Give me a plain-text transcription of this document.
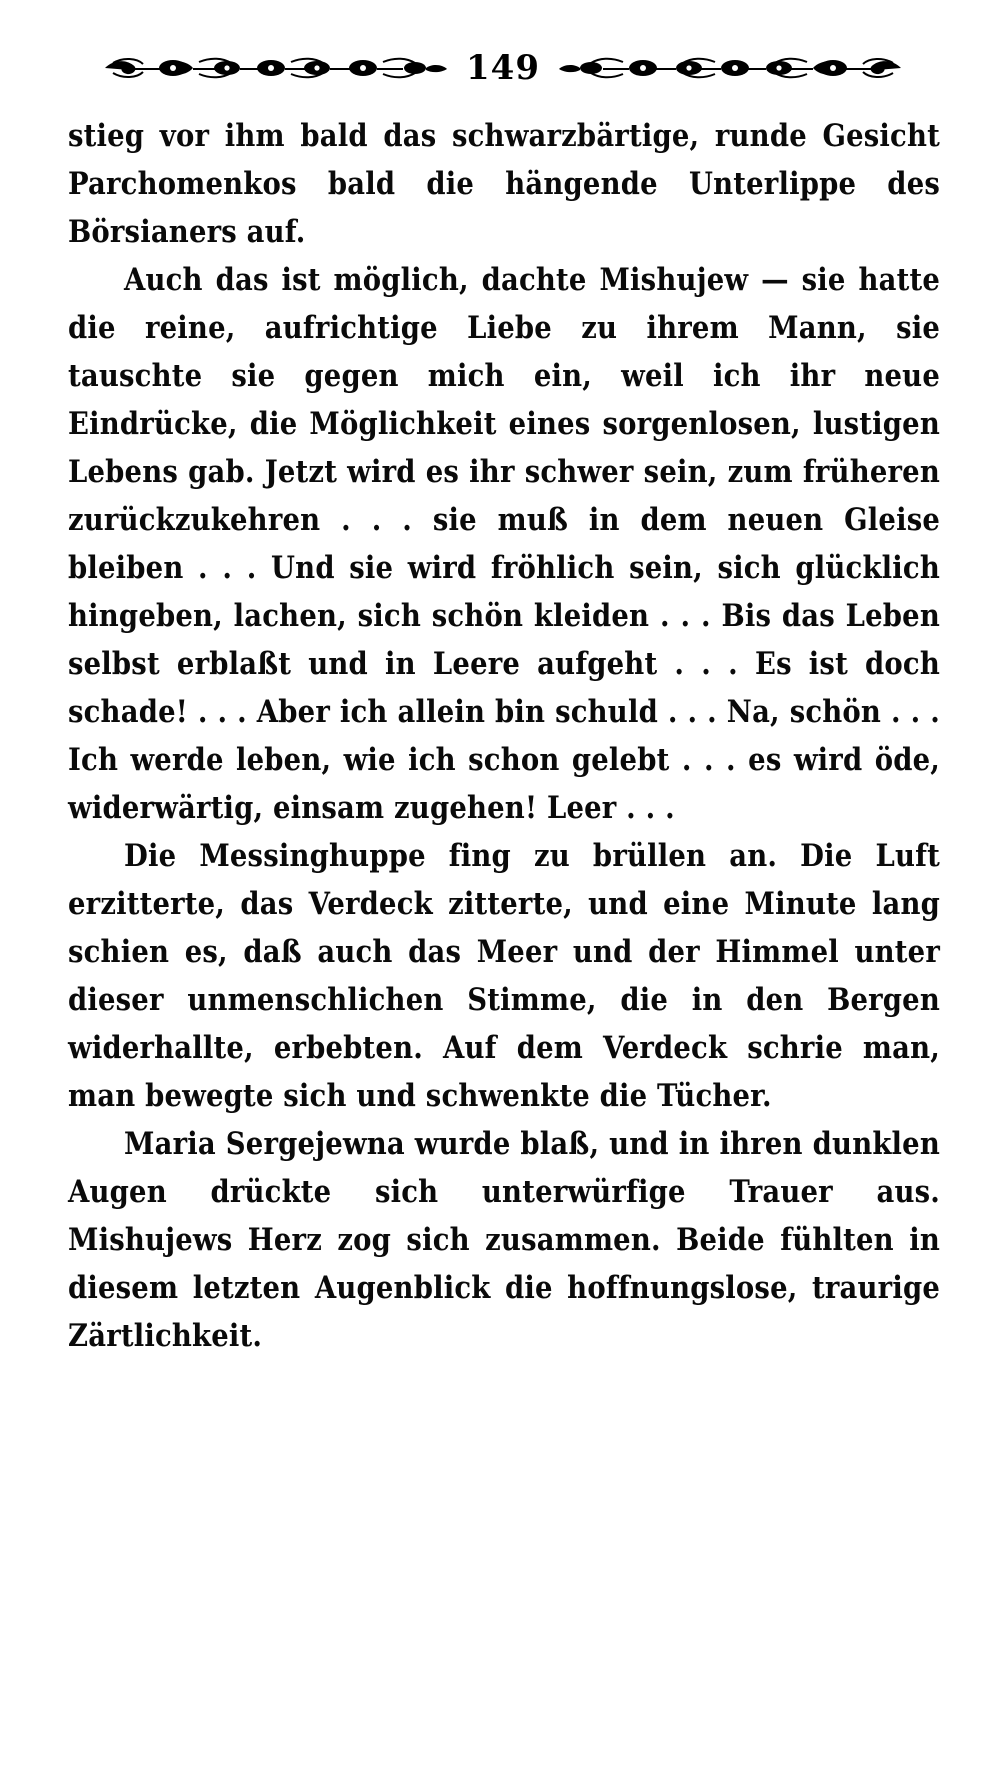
149

stieg vor ihm bald das schwarzbärtige, runde Gesicht Parchomenkos bald die hängende Unterlippe des Börsianers auf.

Auch das ist möglich, dachte Mishujew — sie hatte die reine, aufrichtige Liebe zu ihrem Mann, sie tauschte sie gegen mich ein, weil ich ihr neue Eindrücke, die Möglichkeit eines sorgenlosen, lustigen Lebens gab. Jetzt wird es ihr schwer sein, zum früheren zurückzukehren . . . sie muß in dem neuen Gleise bleiben . . . Und sie wird fröhlich sein, sich glücklich hingeben, lachen, sich schön kleiden . . . Bis das Leben selbst erblaßt und in Leere aufgeht . . . Es ist doch schade! . . . Aber ich allein bin schuld . . . Na, schön . . . Ich werde leben, wie ich schon gelebt . . . es wird öde, widerwärtig, einsam zugehen! Leer . . .

Die Messinghuppe fing zu brüllen an. Die Luft erzitterte, das Verdeck zitterte, und eine Minute lang schien es, daß auch das Meer und der Himmel unter dieser unmenschlichen Stimme, die in den Bergen widerhallte, erbebten. Auf dem Verdeck schrie man, man bewegte sich und schwenkte die Tücher.

Maria Sergejewna wurde blaß, und in ihren dunklen Augen drückte sich unterwürfige Trauer aus. Mishujews Herz zog sich zusammen. Beide fühlten in diesem letzten Augenblick die hoffnungslose, traurige Zärtlichkeit.
